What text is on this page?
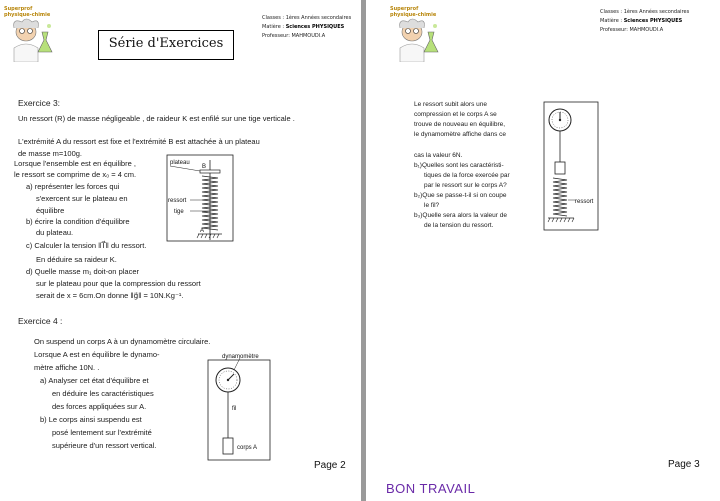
Superprof
physique-chimie	Classes : 1ères Années secondaires
Matière : Sciences PHYSIQUES
Professeur: MAHMOUDI.A
Série d'Exercices
Exercice 3:
Un ressort (R) de masse négligeable , de raideur K est enfilé sur une tige verticale .
L'extrémité A du ressort est fixe et l'extrémité B est attachée à un plateau
de masse m=100g.
Lorsque l'ensemble est en équilibre ,
le ressort se comprime de x₀ = 4 cm.
a) représenter les forces qui
s'exercent sur le plateau en
équilibre
b) écrire la condition d'équilibre
du plateau.
c) Calculer la tension ‖T⃗‖ du ressort.
En déduire sa raideur K.
d) Quelle masse m₁ doit-on placer
sur le plateau pour que la compression du ressort
serait de x = 6cm.On donne ‖g⃗‖ = 10N.Kg⁻¹.
plateau
B
ressort
tige
A
Exercice 4 :
On suspend un corps A à un dynamomètre circulaire.
Lorsque A est en équilibre le dynamo-
mètre affiche 10N. .
a) Analyser cet état d'équilibre et
en déduire les caractéristiques
des forces appliquées sur A.
b) Le corps ainsi suspendu est
posé lentement sur l'extrémité
supérieure d'un ressort vertical.
dynamomètre
fil
corps A
Page 2
Superprof
physique-chimie	Classes : 1ères Années secondaires
Matière : Sciences PHYSIQUES
Professeur: MAHMOUDI.A
Le ressort subit alors une
compression et le corps A se
trouve de nouveau en équilibre,
le dynamomètre affiche dans ce
cas la valeur 6N.
b₁)Quelles sont les caractéristi-
tiques de la force exercée par
par le ressort sur le corps A?
b₂)Que se passe-t-il si on coupe
le fil?
b₃)Quelle sera alors la valeur de
de la tension du ressort.
ressort
BON TRAVAIL
Page 3
